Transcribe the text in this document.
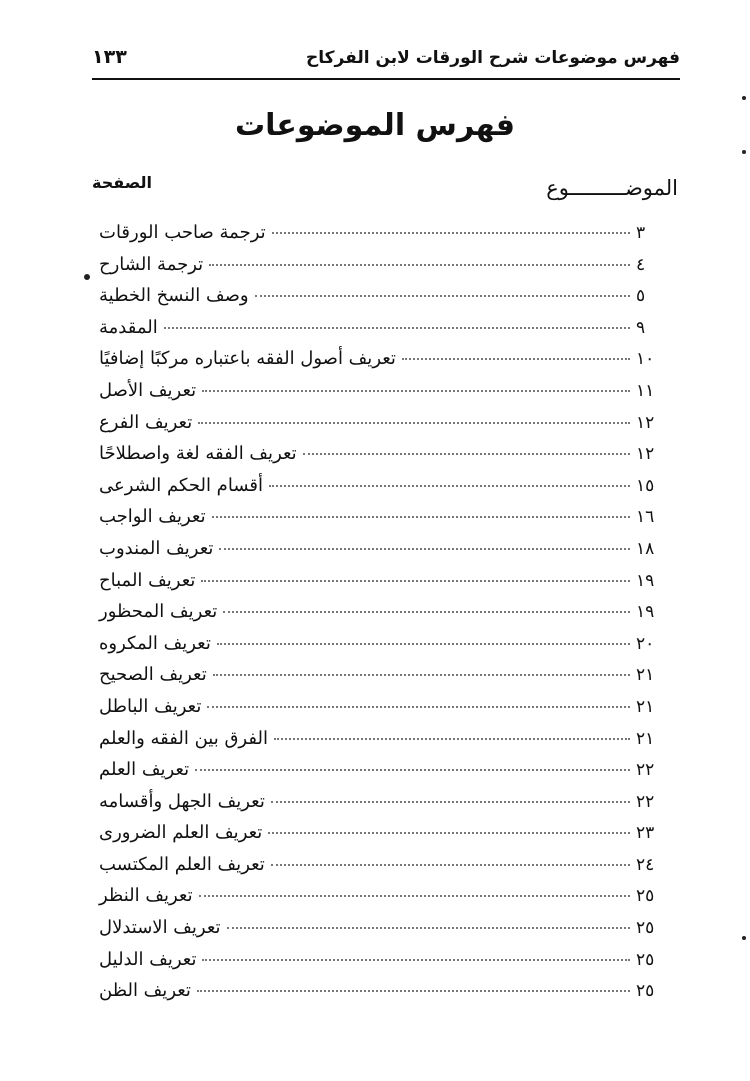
فهرس موضوعات شرح الورقات لابن الفركاح
١٣٣
فهرس الموضوعات
الموضـــــــــوع
الصفحة
ترجمة صاحب الورقات	٣
ترجمة الشارح	٤
وصف النسخ الخطية	٥
المقدمة	٩
تعريف أصول الفقه باعتباره مركبًا إضافيًا	١٠
تعريف الأصل	١١
تعريف الفرع	١٢
تعريف الفقه لغة واصطلاحًا	١٢
أقسام الحكم الشرعى	١٥
تعريف الواجب	١٦
تعريف المندوب	١٨
تعريف المباح	١٩
تعريف المحظور	١٩
تعريف المكروه	٢٠
تعريف الصحيح	٢١
تعريف الباطل	٢١
الفرق بين الفقه والعلم	٢١
تعريف العلم	٢٢
تعريف الجهل وأقسامه	٢٢
تعريف العلم الضرورى	٢٣
تعريف العلم المكتسب	٢٤
تعريف النظر	٢٥
تعريف الاستدلال	٢٥
تعريف الدليل	٢٥
تعريف الظن	٢٥
